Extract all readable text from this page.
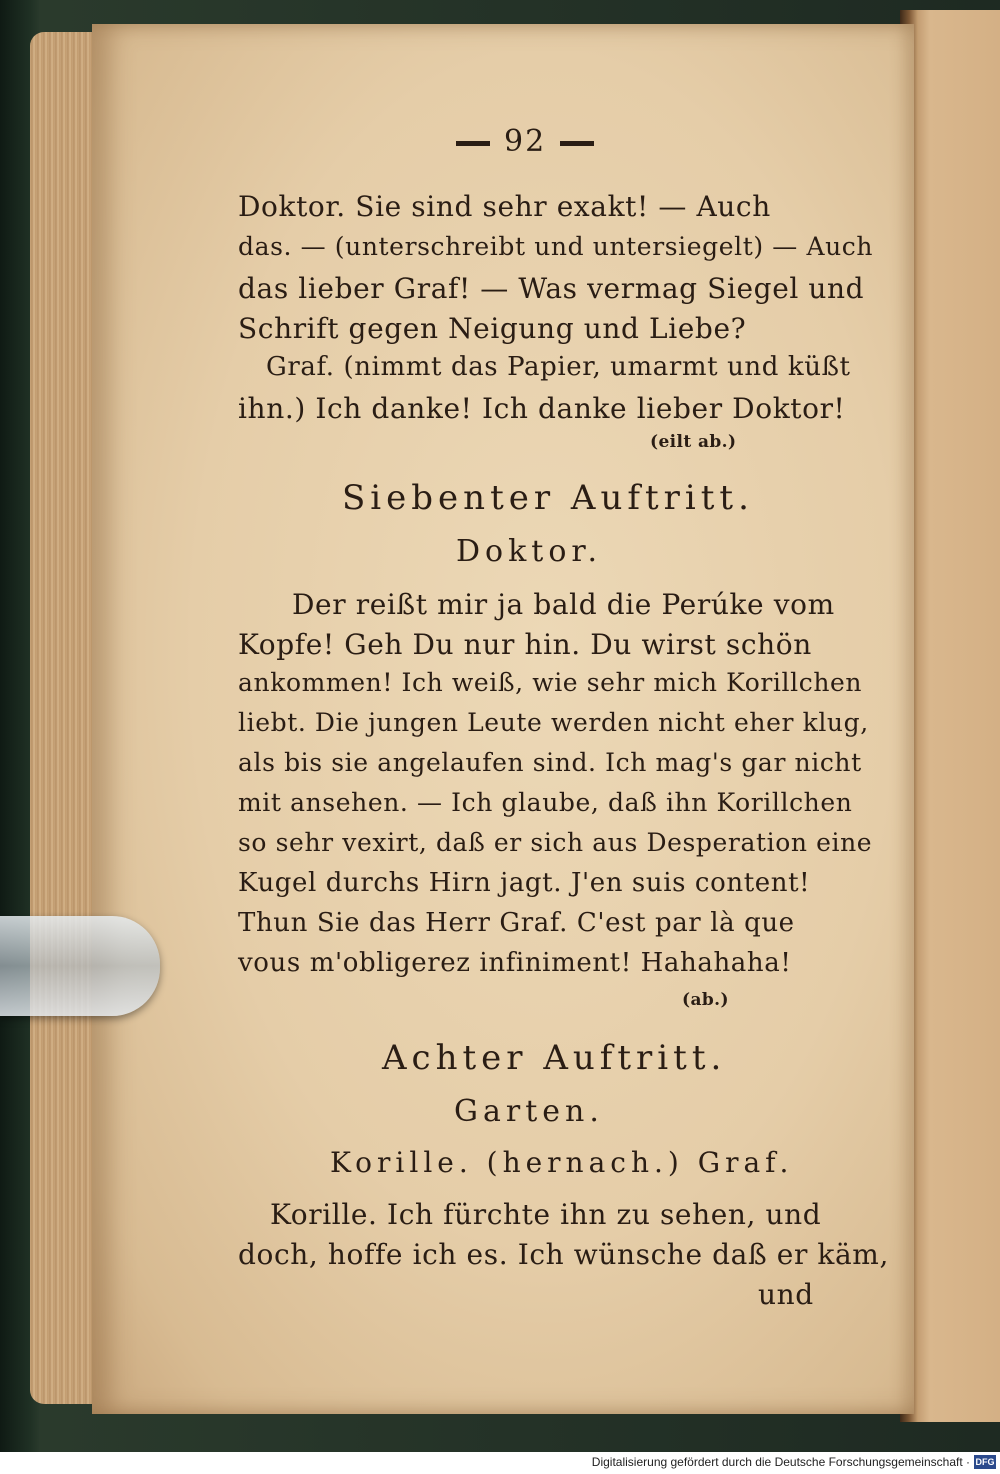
92
Doktor. Sie sind sehr exakt! — Auch
das. — (unterschreibt und untersiegelt) — Auch
das lieber Graf! — Was vermag Siegel und
Schrift gegen Neigung und Liebe?
Graf. (nimmt das Papier, umarmt und küßt
ihn.) Ich danke! Ich danke lieber Doktor!
(eilt ab.)
Siebenter Auftritt.
Doktor.
Der reißt mir ja bald die Perúke vom
Kopfe! Geh Du nur hin. Du wirst schön
ankommen! Ich weiß, wie sehr mich Korillchen
liebt. Die jungen Leute werden nicht eher klug,
als bis sie angelaufen sind. Ich mag's gar nicht
mit ansehen. — Ich glaube, daß ihn Korillchen
so sehr vexirt, daß er sich aus Desperation eine
Kugel durchs Hirn jagt. J'en suis content!
Thun Sie das Herr Graf. C'est par là que
vous m'obligerez infiniment! Hahahaha!
(ab.)
Achter Auftritt.
Garten.
Korille. (hernach.) Graf.
Korille. Ich fürchte ihn zu sehen, und
doch, hoffe ich es. Ich wünsche daß er käm,
und
Digitalisierung gefördert durch die Deutsche Forschungsgemeinschaft · DFG
